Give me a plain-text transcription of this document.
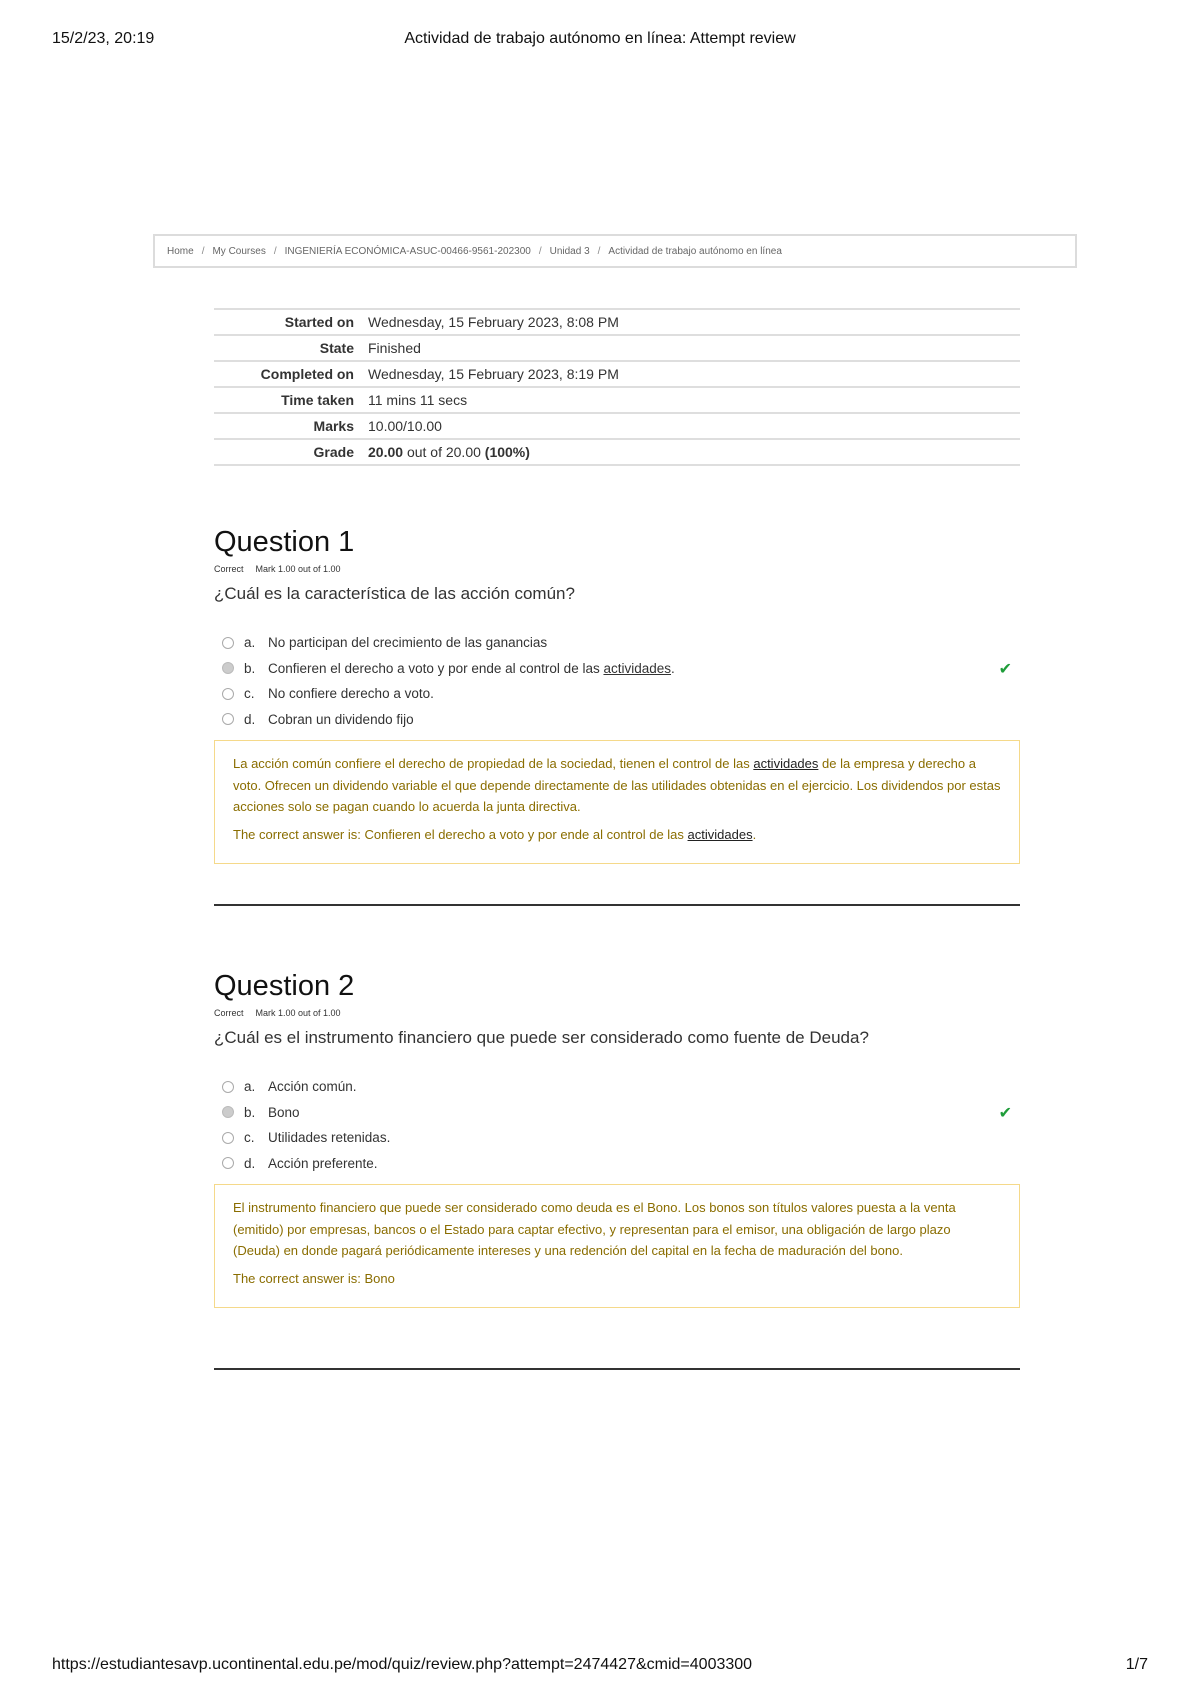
15/2/23, 20:19	Actividad de trabajo autónomo en línea: Attempt review
Home / My Courses / INGENIERÍA ECONÓMICA-ASUC-00466-9561-202300 / Unidad 3 / Actividad de trabajo autónomo en línea
Started on	Wednesday, 15 February 2023, 8:08 PM
State	Finished
Completed on	Wednesday, 15 February 2023, 8:19 PM
Time taken	11 mins 11 secs
Marks	10.00/10.00
Grade	20.00 out of 20.00 (100%)
Question 1
Correct Mark 1.00 out of 1.00
¿Cuál es la característica de las acción común?
a. No participan del crecimiento de las ganancias
b. Confieren el derecho a voto y por ende al control de las actividades.	✔
c. No confiere derecho a voto.
d. Cobran un dividendo fijo
La acción común confiere el derecho de propiedad de la sociedad, tienen el control de las actividades de la empresa y derecho a voto. Ofrecen un dividendo variable el que depende directamente de las utilidades obtenidas en el ejercicio. Los dividendos por estas acciones solo se pagan cuando lo acuerda la junta directiva.
The correct answer is: Confieren el derecho a voto y por ende al control de las actividades.
Question 2
Correct Mark 1.00 out of 1.00
¿Cuál es el instrumento financiero que puede ser considerado como fuente de Deuda?
a. Acción común.
b. Bono	✔
c. Utilidades retenidas.
d. Acción preferente.
El instrumento financiero que puede ser considerado como deuda es el Bono. Los bonos son títulos valores puesta a la venta (emitido) por empresas, bancos o el Estado para captar efectivo, y representan para el emisor, una obligación de largo plazo (Deuda) en donde pagará periódicamente intereses y una redención del capital en la fecha de maduración del bono.
The correct answer is: Bono
https://estudiantesavp.ucontinental.edu.pe/mod/quiz/review.php?attempt=2474427&cmid=4003300	1/7
